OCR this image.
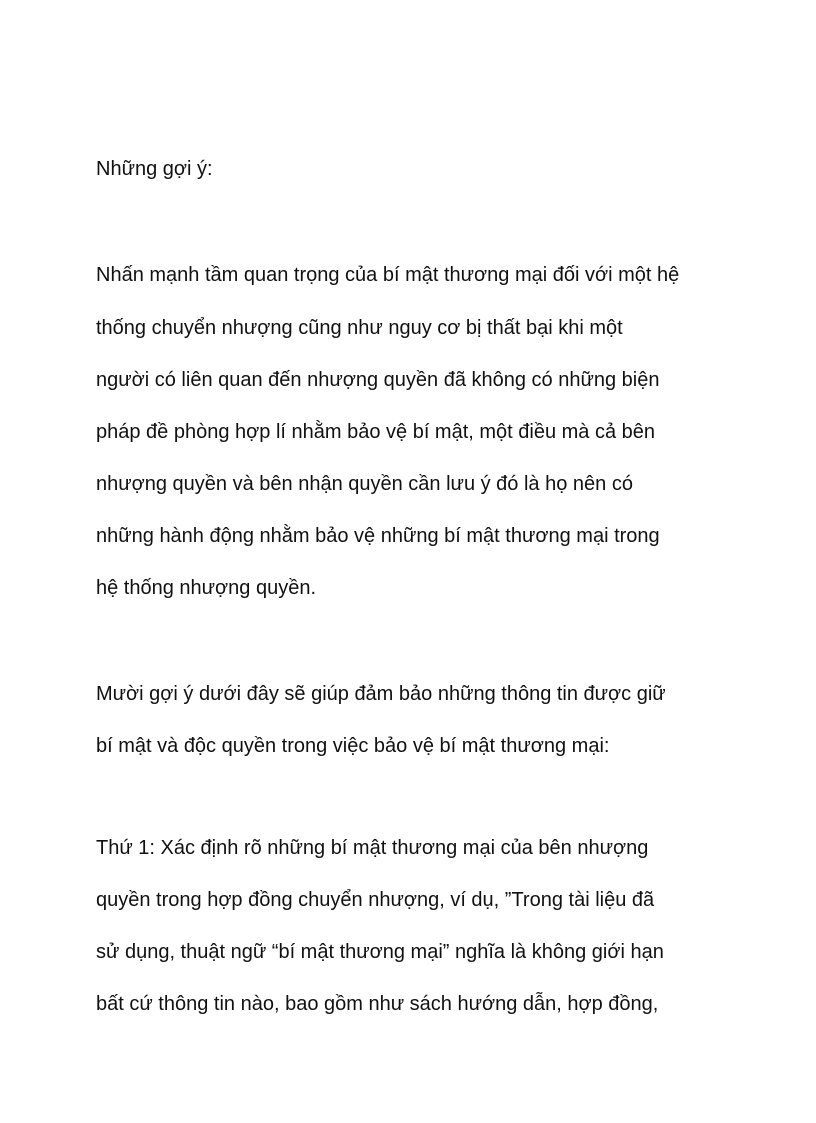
Những gợi ý:

Nhấn mạnh tầm quan trọng của bí mật thương mại đối với một hệ

thống chuyển nhượng cũng như nguy cơ bị thất bại khi một

người có liên quan đến nhượng quyền đã không có những biện

pháp đề phòng hợp lí nhằm bảo vệ bí mật, một điều mà cả bên

nhượng quyền và bên nhận quyền cần lưu ý đó là họ nên có

những hành động nhằm bảo vệ những bí mật thương mại trong

hệ thống nhượng quyền.

Mười gợi ý dưới đây sẽ giúp đảm bảo những thông tin được giữ

bí mật và độc quyền trong việc bảo vệ bí mật thương mại:

Thứ 1: Xác định rõ những bí mật thương mại của bên nhượng

quyền trong hợp đồng chuyển nhượng, ví dụ, ”Trong tài liệu đã

sử dụng, thuật ngữ “bí mật thương mại” nghĩa là không giới hạn

bất cứ thông tin nào, bao gồm như sách hướng dẫn, hợp đồng,
